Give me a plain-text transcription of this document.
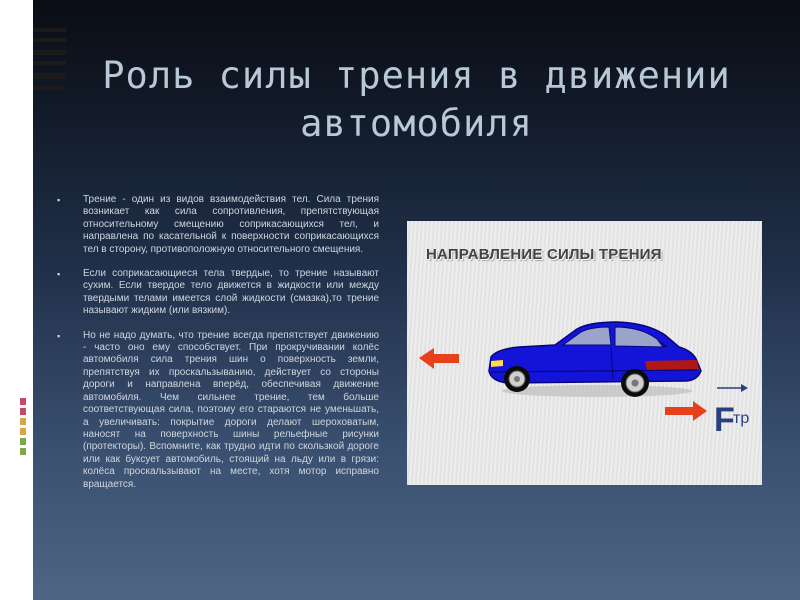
Роль силы трения в движении автомобиля
▪ Трение - один из видов взаимодействия тел. Сила трения возникает как сила сопротивления, препятствующая относительному смещению соприкасающихся тел, и направлена по касательной к поверхности соприкасающихся тел в сторону, противоположную относительного смещения.
▪ Если соприкасающиеся тела твердые, то трение называют сухим. Если твердое тело движется в жидкости или между твердыми телами имеется слой жидкости (смазка),то трение называют жидким (или вязким).
▪ Но не надо думать, что трение всегда препятствует движению - часто оно ему способствует. При прокручивании колёс автомобиля сила трения шин о поверхность земли, препятствуя их проскальзыванию, действует со стороны дороги и направлена вперёд, обеспечивая движение автомобиля. Чем сильнее трение, тем больше соответствующая сила, поэтому его стараются не уменьшать, а увеличивать: покрытие дороги делают шероховатым, наносят на поверхность шины рельефные рисунки (протекторы). Вспомните, как трудно идти по скользкой дороге или как буксует автомобиль, стоящий на льду или в грязи: колёса проскальзывают на месте, хотя мотор исправно вращается.
НАПРАВЛЕНИЕ СИЛЫ ТРЕНИЯ
F
тр
